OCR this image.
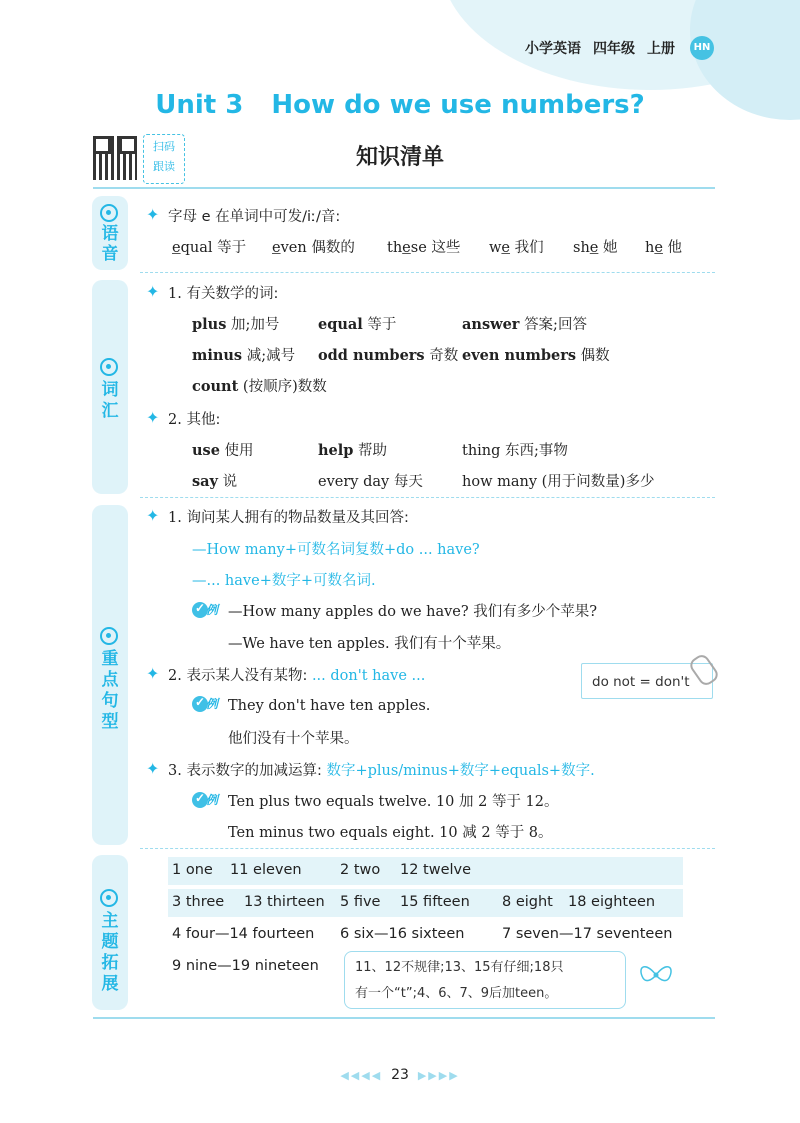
小学英语 四年级 上册	HN
Unit 3 How do we use numbers?
扫码
跟读	知识清单
语
音
✦字母 e 在单词中可发/iː/音:
equal 等于 even 偶数的 these 这些 we 我们 she 她 he 他
词
汇
✦1. 有关数学的词:
plus 加;加号	equal 等于	answer 答案;回答
minus 减;减号 odd numbers 奇数 even numbers 偶数
count (按顺序)数数
✦2. 其他:
use 使用	help 帮助	thing 东西;事物
say 说	every day 每天	how many (用于问数量)多少
重
点
句
型
✦1. 询问某人拥有的物品数量及其回答:
—How many+可数名词复数+do ... have?
—... have+数字+可数名词.
✓
例 —How many apples do we have? 我们有多少个苹果?
—We have ten apples. 我们有十个苹果。
✦2. 表示某人没有某物: ... don't have ...
✓
例 They don't have ten apples.
他们没有十个苹果。
do not = don't
✦3. 表示数字的加减运算: 数字+plus/minus+数字+equals+数字.
✓
例 Ten plus two equals twelve. 10 加 2 等于 12。
Ten minus two equals eight. 10 减 2 等于 8。
主
题
拓
展
1 one 11 eleven	2 two 12 twelve
3 three 13 thirteen 5 five 15 fifteen 8 eight 18 eighteen
4 four—14 fourteen 6 six—16 sixteen	7 seven—17 seventeen
9 nine—19 nineteen	11、12不规律;13、15有仔细;18只
有一个“t”;4、6、7、9后加teen。
◀◀◀◀ 23 ▶▶▶▶
